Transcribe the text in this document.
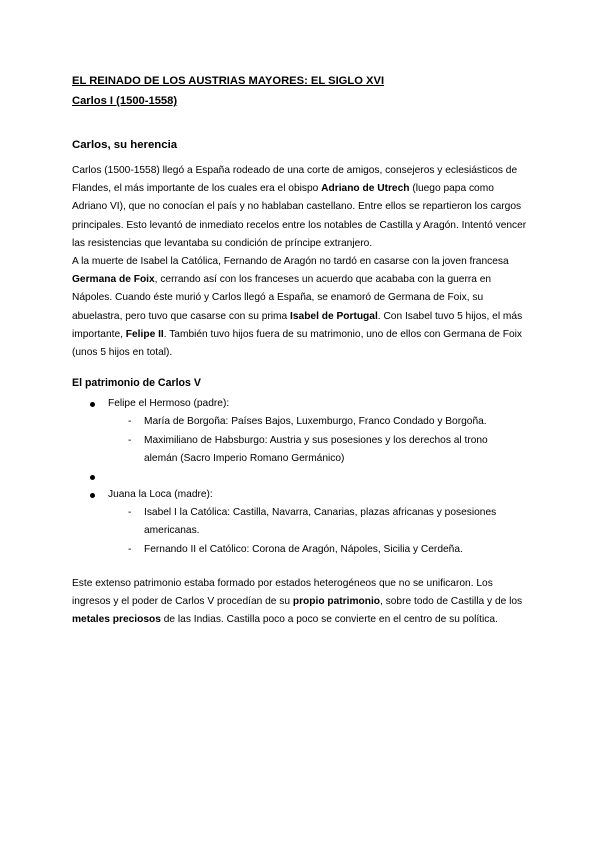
EL REINADO DE LOS AUSTRIAS MAYORES: EL SIGLO XVI

Carlos I (1500-1558)

Carlos, su herencia

Carlos (1500-1558) llegó a España rodeado de una corte de amigos, consejeros y eclesiásticos de Flandes, el más importante de los cuales era el obispo Adriano de Utrech (luego papa como Adriano VI), que no conocían el país y no hablaban castellano. Entre ellos se repartieron los cargos principales. Esto levantó de inmediato recelos entre los notables de Castilla y Aragón. Intentó vencer las resistencias que levantaba su condición de príncipe extranjero.

A la muerte de Isabel la Católica, Fernando de Aragón no tardó en casarse con la joven francesa Germana de Foix, cerrando así con los franceses un acuerdo que acababa con la guerra en Nápoles. Cuando éste murió y Carlos llegó a España, se enamoró de Germana de Foix, su abuelastra, pero tuvo que casarse con su prima Isabel de Portugal. Con Isabel tuvo 5 hijos, el más importante, Felipe II. También tuvo hijos fuera de su matrimonio, uno de ellos con Germana de Foix (unos 5 hijos en total).

El patrimonio de Carlos V
Felipe el Hermoso (padre):
- María de Borgoña: Países Bajos, Luxemburgo, Franco Condado y Borgoña.
- Maximiliano de Habsburgo: Austria y sus posesiones y los derechos al trono alemán (Sacro Imperio Romano Germánico)
Juana la Loca (madre):
- Isabel I la Católica: Castilla, Navarra, Canarias, plazas africanas y posesiones americanas.
- Fernando II el Católico: Corona de Aragón, Nápoles, Sicilia y Cerdeña.

Este extenso patrimonio estaba formado por estados heterogéneos que no se unificaron. Los ingresos y el poder de Carlos V procedían de su propio patrimonio, sobre todo de Castilla y de los metales preciosos de las Indias. Castilla poco a poco se convierte en el centro de su política.
